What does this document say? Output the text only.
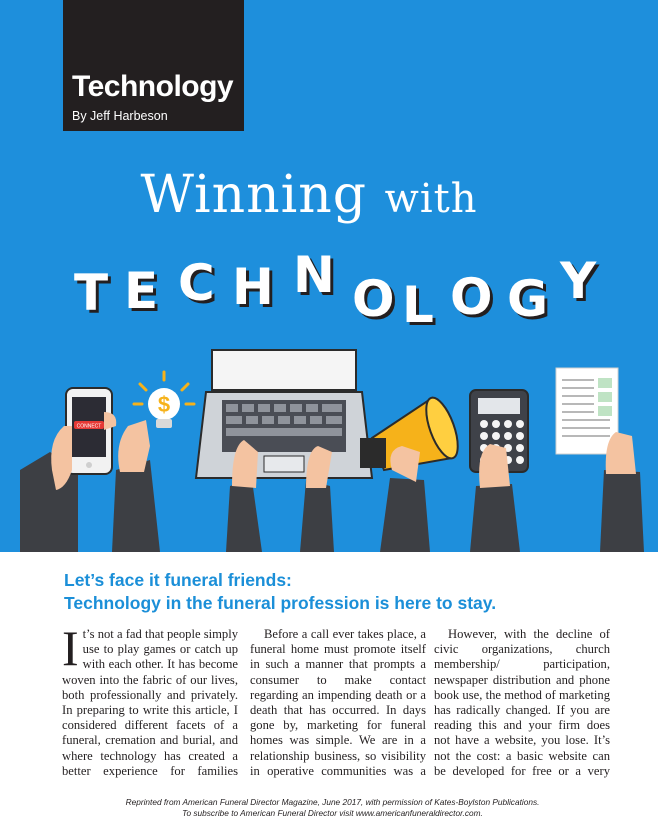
Technology
By Jeff Harbeson
Winning with
T E C H N O L O G Y
CONNECT
$
Let’s face it funeral friends:
Technology in the funeral profession is here to stay.
I t’s not a fad that people simply use to play games or catch up with each other. It has become woven into the fabric of our lives, both professionally and privately. In preparing to write this article, I considered different facets of a funeral, cremation and burial, and where technology has created a better experience for families
Before a call ever takes place, a funeral home must promote itself in such a manner that prompts a consumer to make contact regarding an impending death or a death that has occurred. In days gone by, marketing for funeral homes was simple. We are in a relationship business, so visibility in operative communities was a
However, with the decline of civic organizations, church membership/ participation, newspaper distribution and phone book use, the method of marketing has radically changed. If you are reading this and your firm does not have a website, you lose. It’s not the cost: a basic website can be developed for free or a very
Reprinted from American Funeral Director Magazine, June 2017, with permission of Kates-Boylston Publications.
To subscribe to American Funeral Director visit www.americanfuneraldirector.com.
